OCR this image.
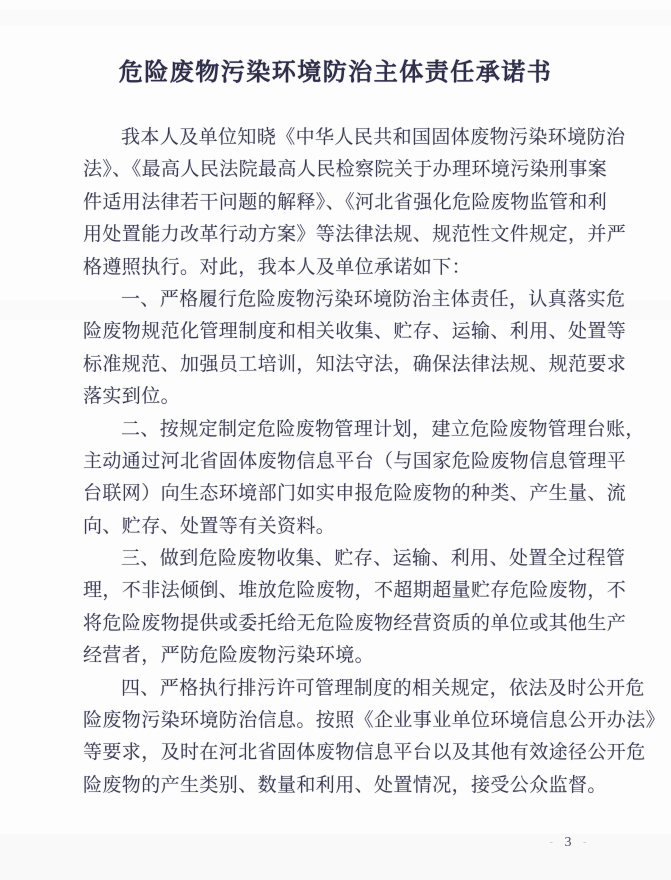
危险废物污染环境防治主体责任承诺书

我本人及单位知晓《中华人民共和国固体废物污染环境防治
法》、《最高人民法院最高人民检察院关于办理环境污染刑事案
件适用法律若干问题的解释》、《河北省强化危险废物监管和利
用处置能力改革行动方案》等法律法规、规范性文件规定，并严
格遵照执行。对此，我本人及单位承诺如下：

一、严格履行危险废物污染环境防治主体责任，认真落实危
险废物规范化管理制度和相关收集、贮存、运输、利用、处置等
标准规范、加强员工培训，知法守法，确保法律法规、规范要求
落实到位。

二、按规定制定危险废物管理计划，建立危险废物管理台账，
主动通过河北省固体废物信息平台（与国家危险废物信息管理平
台联网）向生态环境部门如实申报危险废物的种类、产生量、流
向、贮存、处置等有关资料。

三、做到危险废物收集、贮存、运输、利用、处置全过程管
理，不非法倾倒、堆放危险废物，不超期超量贮存危险废物，不
将危险废物提供或委托给无危险废物经营资质的单位或其他生产
经营者，严防危险废物污染环境。

四、严格执行排污许可管理制度的相关规定，依法及时公开危
险废物污染环境防治信息。按照《企业事业单位环境信息公开办法》
等要求，及时在河北省固体废物信息平台以及其他有效途径公开危
险废物的产生类别、数量和利用、处置情况，接受公众监督。

- 3 -
